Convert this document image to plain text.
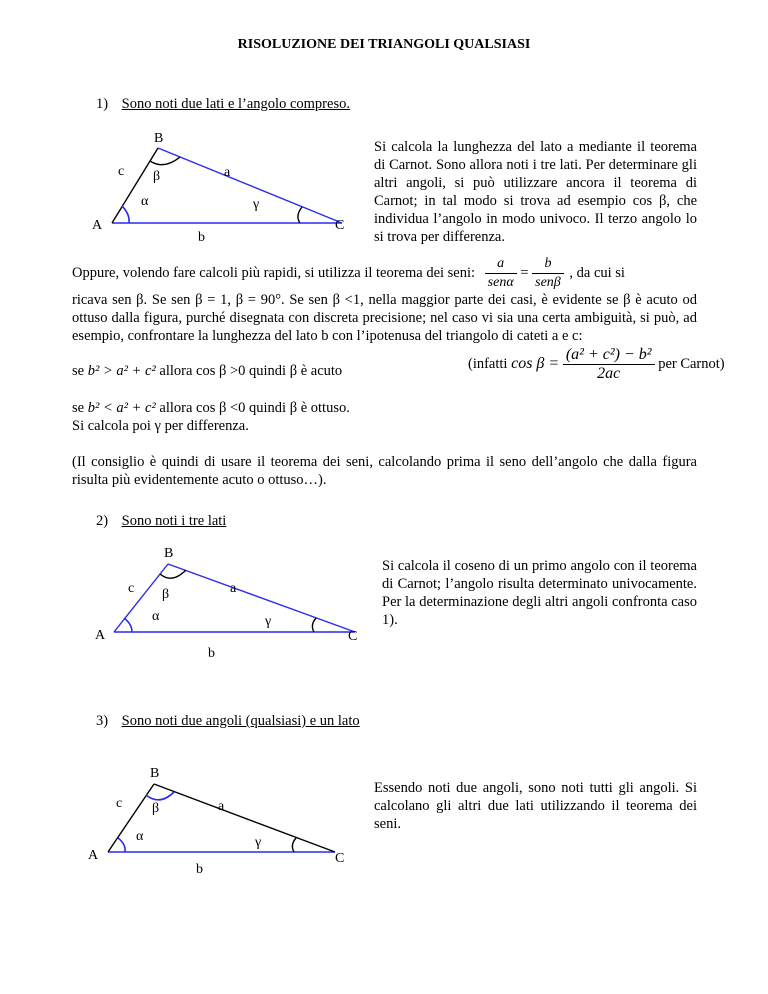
RISOLUZIONE DEI TRIANGOLI QUALSIASI
1) Sono noti due lati e l’angolo compreso.
B
A	C
c	a
b
α
β
γ
Si calcola la lunghezza del lato a mediante il teorema di Carnot. Sono allora noti i tre lati. Per determinare gli altri angoli, si può utilizzare ancora il teorema di Carnot; in tal modo si trova ad esempio cos β, che individua l’angolo in modo univoco. Il terzo angolo lo si trova per differenza.
Oppure, volendo fare calcoli più rapidi, si utilizza il teorema dei seni:
a
senα
=
b
senβ
, da cui si
ricava sen β. Se sen β = 1, β = 90°. Se sen β <1, nella maggior parte dei casi, è evidente se β è acuto od ottuso dalla figura, purché disegnata con discreta precisione; nel caso vi sia una certa ambiguità, si può, ad esempio, confrontare la lunghezza del lato b con l’ipotenusa del triangolo di cateti a e c:
se b² > a² + c² allora cos β >0 quindi β è acuto	(infatti $\cos \beta = \frac{\text{(a² + c²) − b²}}{2ac}$ per Carnot)
se b² < a² + c² allora cos β <0 quindi β è ottuso.
Si calcola poi γ per differenza.
(Il consiglio è quindi di usare il teorema dei seni, calcolando prima il seno dell’angolo che dalla figura risulta più evidentemente acuto o ottuso…).
2) Sono noti i tre lati
B
A	C
c	a
b
α
β
γ
Si calcola il coseno di un primo angolo con il teorema di Carnot; l’angolo risulta determinato univocamente. Per la determinazione degli altri angoli confronta caso 1).
3) Sono noti due angoli (qualsiasi) e un lato
B
A	C
c	a
b
α
β
γ
Essendo noti due angoli, sono noti tutti gli angoli. Si calcolano gli altri due lati utilizzando il teorema dei seni.
